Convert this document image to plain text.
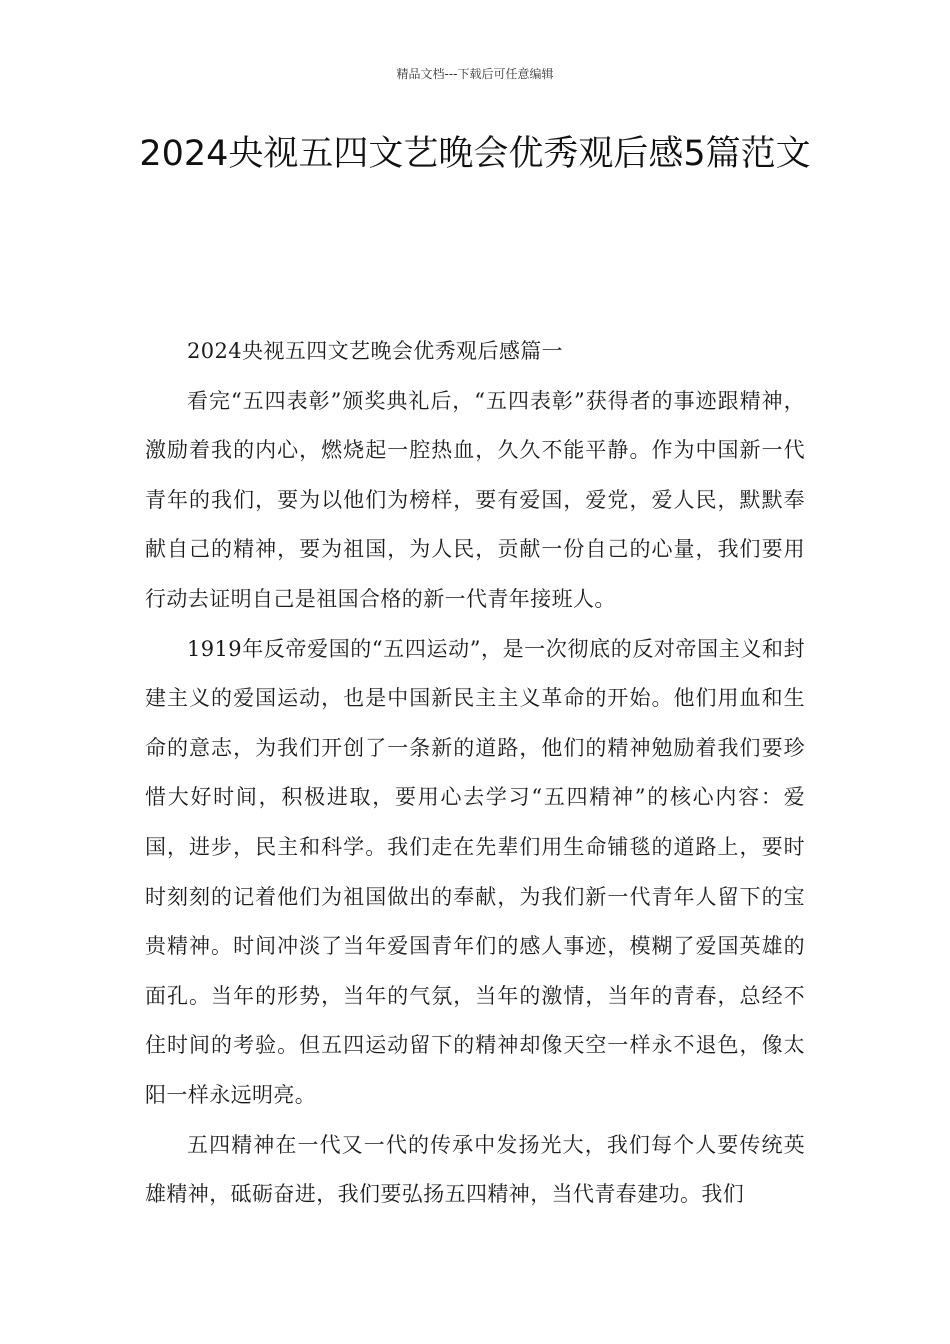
精品文档---下载后可任意编辑
2024央视五四文艺晚会优秀观后感5篇范文

2024央视五四文艺晚会优秀观后感篇一

看完“五四表彰”颁奖典礼后，“五四表彰”获得者的事迹跟精神，激励着我的内心，燃烧起一腔热血，久久不能平静。作为中国新一代青年的我们，要为以他们为榜样，要有爱国，爱党，爱人民，默默奉献自己的精神，要为祖国，为人民，贡献一份自己的心量，我们要用行动去证明自己是祖国合格的新一代青年接班人。

1919年反帝爱国的“五四运动”，是一次彻底的反对帝国主义和封建主义的爱国运动，也是中国新民主主义革命的开始。他们用血和生命的意志，为我们开创了一条新的道路，他们的精神勉励着我们要珍惜大好时间，积极进取，要用心去学习“五四精神”的核心内容：爱国，进步，民主和科学。我们走在先辈们用生命铺毯的道路上，要时时刻刻的记着他们为祖国做出的奉献，为我们新一代青年人留下的宝贵精神。时间冲淡了当年爱国青年们的感人事迹，模糊了爱国英雄的面孔。当年的形势，当年的气氛，当年的激情，当年的青春，总经不住时间的考验。但五四运动留下的精神却像天空一样永不退色，像太阳一样永远明亮。

五四精神在一代又一代的传承中发扬光大，我们每个人要传统英雄精神，砥砺奋进，我们要弘扬五四精神，当代青春建功。我们
